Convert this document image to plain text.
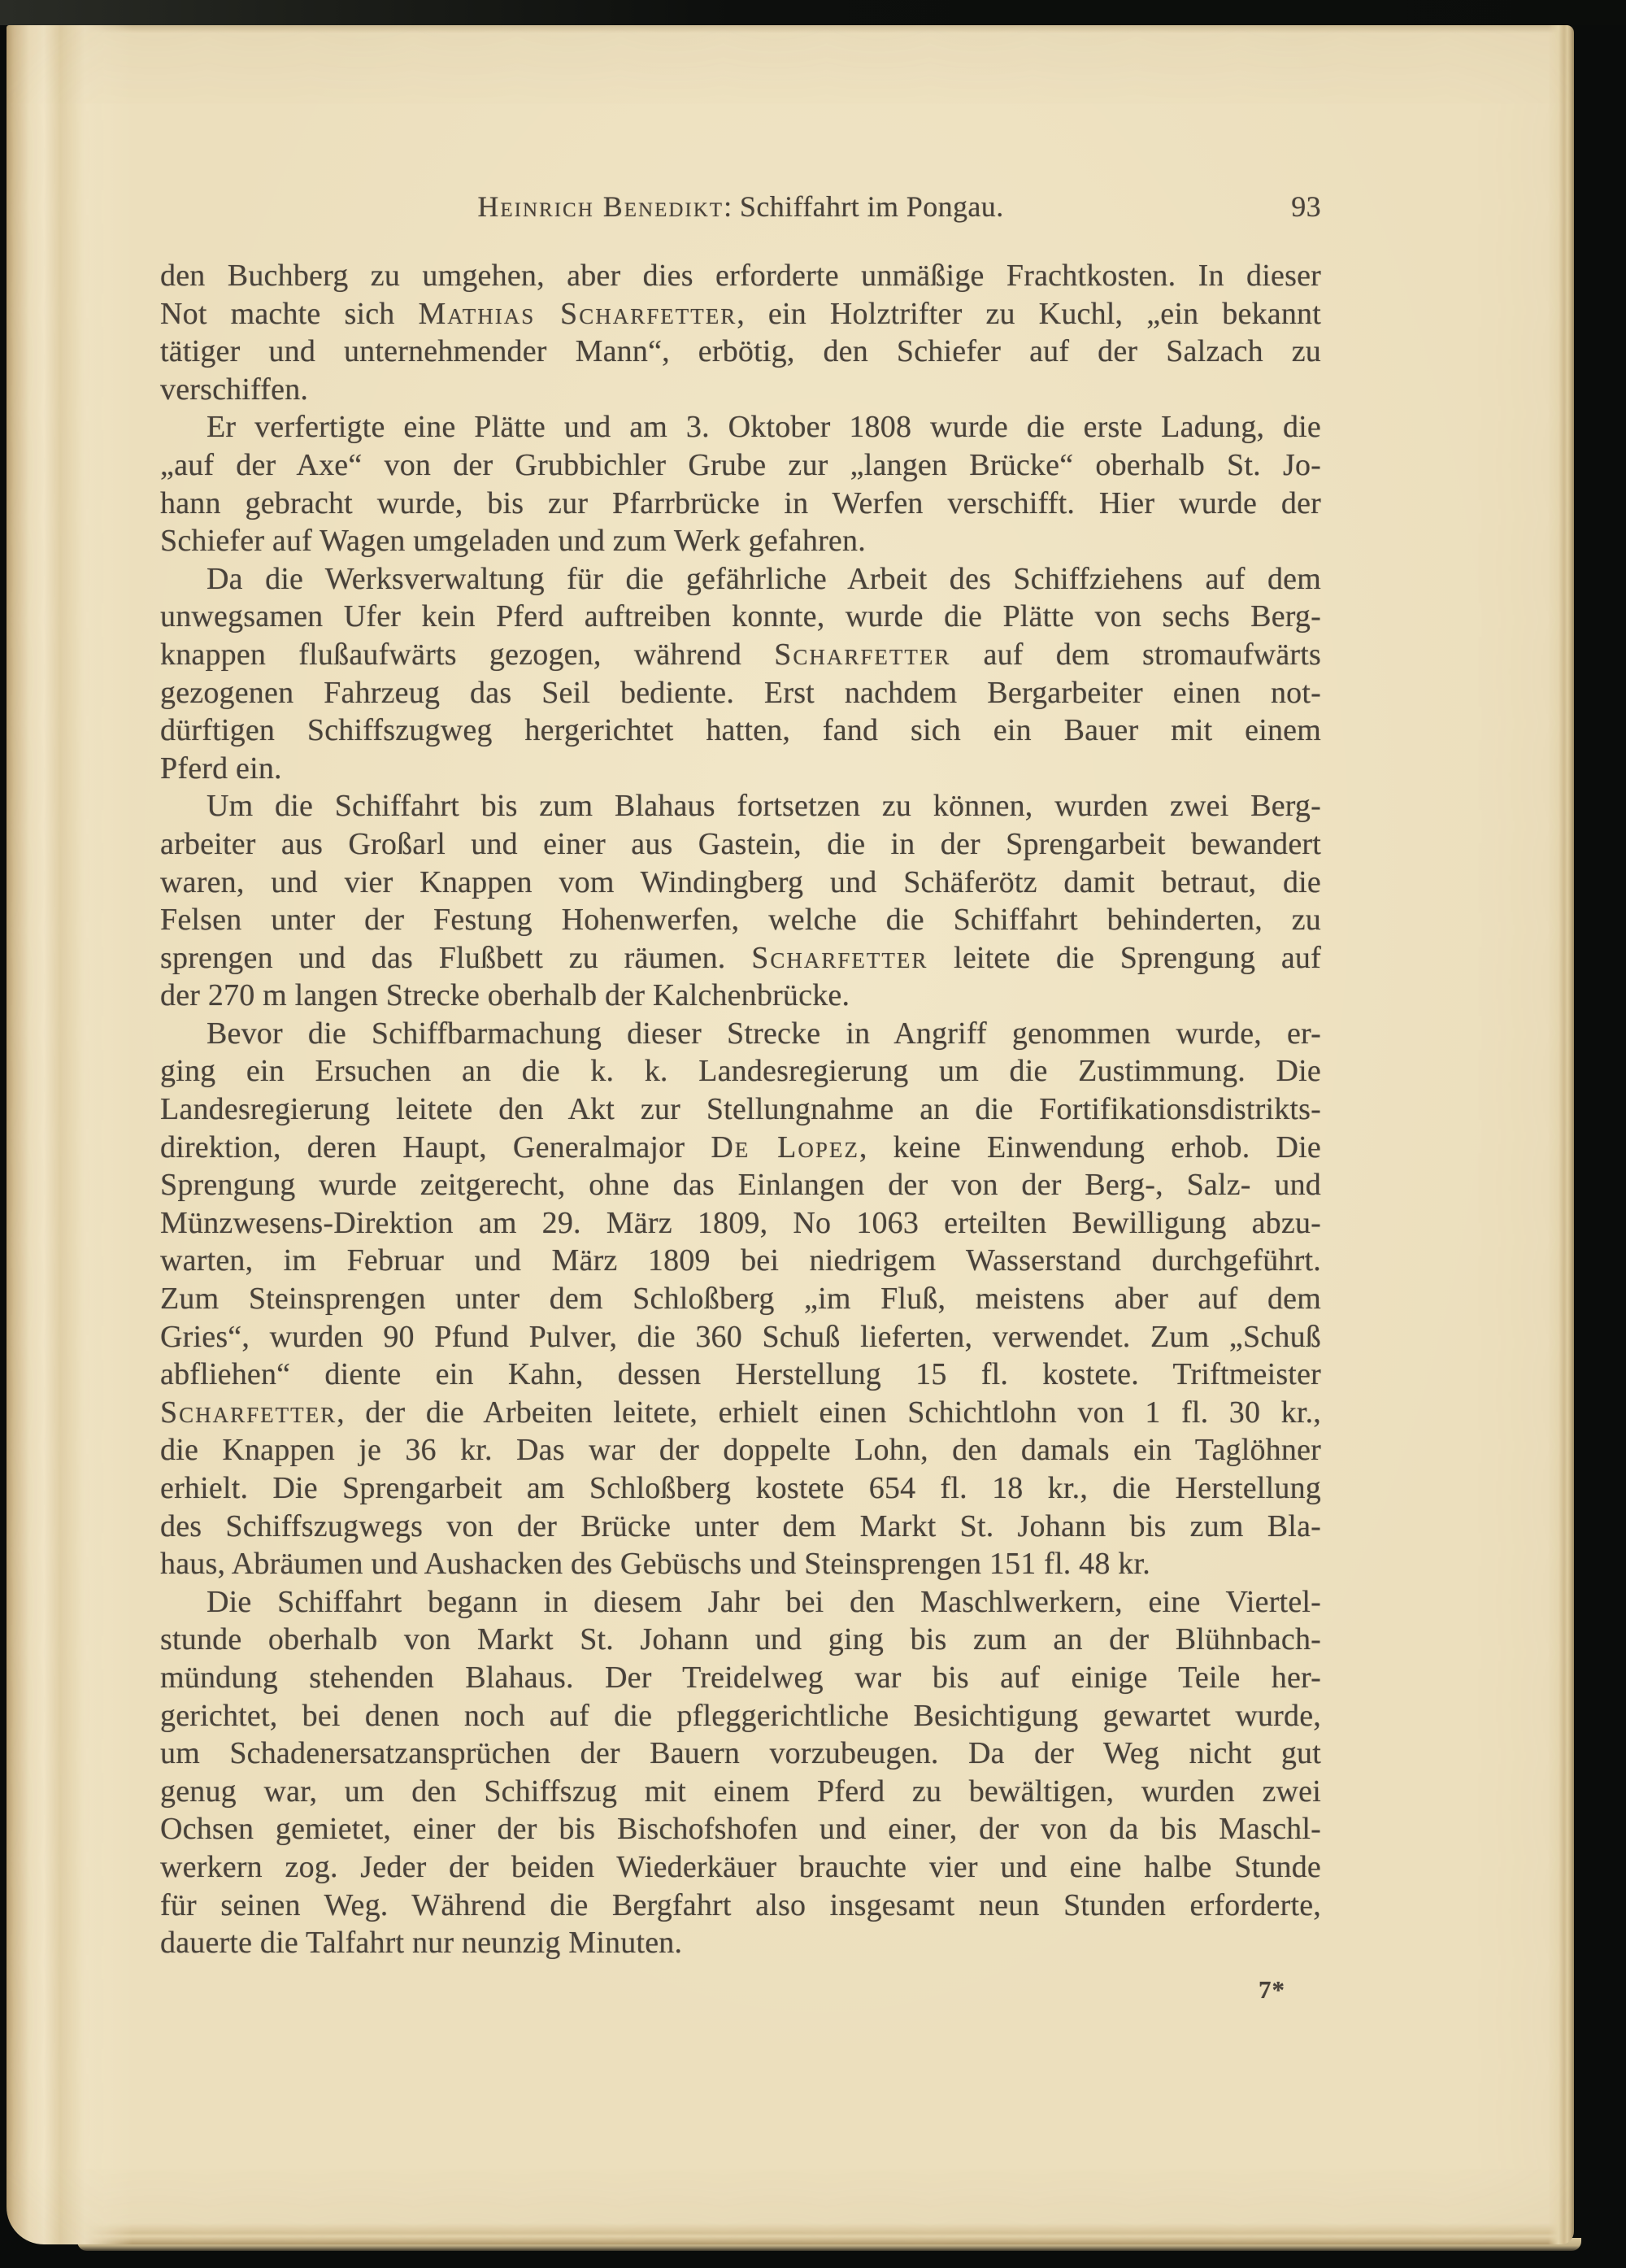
Heinrich Benedikt: Schiffahrt im Pongau.	93
den Buchberg zu umgehen, aber dies erforderte unmäßige Frachtkosten. In dieser
Not machte sich Mathias Scharfetter, ein Holztrifter zu Kuchl, „ein bekannt
tätiger und unternehmender Mann“, erbötig, den Schiefer auf der Salzach zu
verschiffen.
Er verfertigte eine Plätte und am 3. Oktober 1808 wurde die erste Ladung, die
„auf der Axe“ von der Grubbichler Grube zur „langen Brücke“ oberhalb St. Jo-
hann gebracht wurde, bis zur Pfarrbrücke in Werfen verschifft. Hier wurde der
Schiefer auf Wagen umgeladen und zum Werk gefahren.
Da die Werksverwaltung für die gefährliche Arbeit des Schiffziehens auf dem
unwegsamen Ufer kein Pferd auftreiben konnte, wurde die Plätte von sechs Berg-
knappen flußaufwärts gezogen, während Scharfetter auf dem stromaufwärts
gezogenen Fahrzeug das Seil bediente. Erst nachdem Bergarbeiter einen not-
dürftigen Schiffszugweg hergerichtet hatten, fand sich ein Bauer mit einem
Pferd ein.
Um die Schiffahrt bis zum Blahaus fortsetzen zu können, wurden zwei Berg-
arbeiter aus Großarl und einer aus Gastein, die in der Sprengarbeit bewandert
waren, und vier Knappen vom Windingberg und Schäferötz damit betraut, die
Felsen unter der Festung Hohenwerfen, welche die Schiffahrt behinderten, zu
sprengen und das Flußbett zu räumen. Scharfetter leitete die Sprengung auf
der 270 m langen Strecke oberhalb der Kalchenbrücke.
Bevor die Schiffbarmachung dieser Strecke in Angriff genommen wurde, er-
ging ein Ersuchen an die k. k. Landesregierung um die Zustimmung. Die
Landesregierung leitete den Akt zur Stellungnahme an die Fortifikationsdistrikts-
direktion, deren Haupt, Generalmajor De Lopez, keine Einwendung erhob. Die
Sprengung wurde zeitgerecht, ohne das Einlangen der von der Berg-, Salz- und
Münzwesens-Direktion am 29. März 1809, No 1063 erteilten Bewilligung abzu-
warten, im Februar und März 1809 bei niedrigem Wasserstand durchgeführt.
Zum Steinsprengen unter dem Schloßberg „im Fluß, meistens aber auf dem
Gries“, wurden 90 Pfund Pulver, die 360 Schuß lieferten, verwendet. Zum „Schuß
abfliehen“ diente ein Kahn, dessen Herstellung 15 fl. kostete. Triftmeister
Scharfetter, der die Arbeiten leitete, erhielt einen Schichtlohn von 1 fl. 30 kr.,
die Knappen je 36 kr. Das war der doppelte Lohn, den damals ein Taglöhner
erhielt. Die Sprengarbeit am Schloßberg kostete 654 fl. 18 kr., die Herstellung
des Schiffszugwegs von der Brücke unter dem Markt St. Johann bis zum Bla-
haus, Abräumen und Aushacken des Gebüschs und Steinsprengen 151 fl. 48 kr.
Die Schiffahrt begann in diesem Jahr bei den Maschlwerkern, eine Viertel-
stunde oberhalb von Markt St. Johann und ging bis zum an der Blühnbach-
mündung stehenden Blahaus. Der Treidelweg war bis auf einige Teile her-
gerichtet, bei denen noch auf die pfleggerichtliche Besichtigung gewartet wurde,
um Schadenersatzansprüchen der Bauern vorzubeugen. Da der Weg nicht gut
genug war, um den Schiffszug mit einem Pferd zu bewältigen, wurden zwei
Ochsen gemietet, einer der bis Bischofshofen und einer, der von da bis Maschl-
werkern zog. Jeder der beiden Wiederkäuer brauchte vier und eine halbe Stunde
für seinen Weg. Während die Bergfahrt also insgesamt neun Stunden erforderte,
dauerte die Talfahrt nur neunzig Minuten.
7*
